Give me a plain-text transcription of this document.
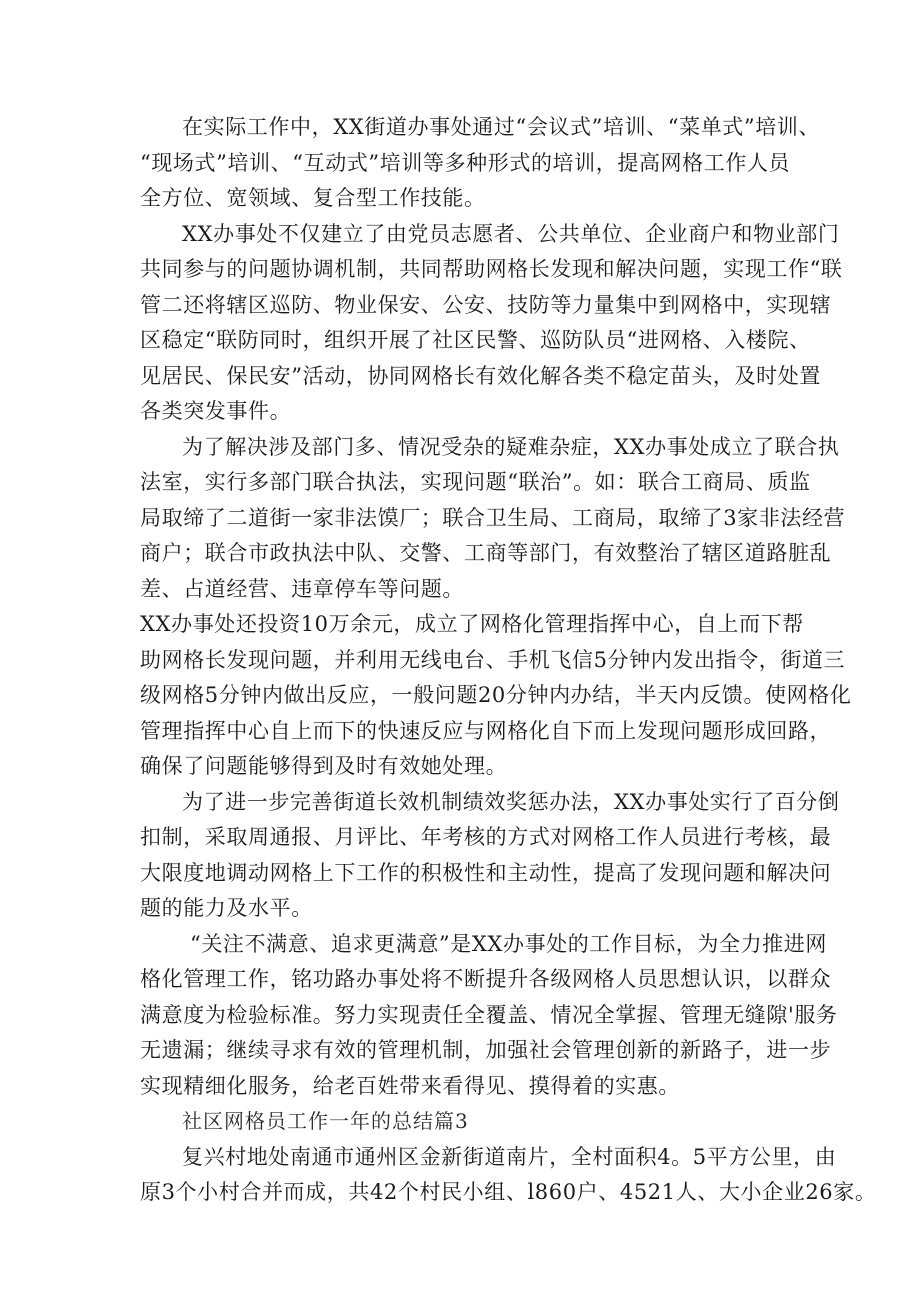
在实际工作中，XX街道办事处通过“会议式”培训、“菜单式”培训、
“现场式”培训、“互动式”培训等多种形式的培训，提高网格工作人员
全方位、宽领域、复合型工作技能。

XX办事处不仅建立了由党员志愿者、公共单位、企业商户和物业部门
共同参与的问题协调机制，共同帮助网格长发现和解决问题，实现工作“联
管二还将辖区巡防、物业保安、公安、技防等力量集中到网格中，实现辖
区稳定“联防同时，组织开展了社区民警、巡防队员“进网格、入楼院、
见居民、保民安”活动，协同网格长有效化解各类不稳定苗头，及时处置
各类突发事件。

为了解决涉及部门多、情况受杂的疑难杂症，XX办事处成立了联合执
法室，实行多部门联合执法，实现问题“联治”。如：联合工商局、质监
局取缔了二道街一家非法馍厂；联合卫生局、工商局，取缔了3家非法经营
商户；联合市政执法中队、交警、工商等部门，有效整治了辖区道路脏乱
差、占道经营、违章停车等问题。

XX办事处还投资10万余元，成立了网格化管理指挥中心，自上而下帮
助网格长发现问题，并利用无线电台、手机飞信5分钟内发出指令，街道三
级网格5分钟内做出反应，一般问题20分钟内办结，半天内反馈。使网格化
管理指挥中心自上而下的快速反应与网格化自下而上发现问题形成回路，
确保了问题能够得到及时有效她处理。

为了进一步完善街道长效机制绩效奖惩办法，XX办事处实行了百分倒
扣制，采取周通报、月评比、年考核的方式对网格工作人员进行考核，最
大限度地调动网格上下工作的积极性和主动性，提高了发现问题和解决问
题的能力及水平。

“关注不满意、追求更满意”是XX办事处的工作目标，为全力推进网
格化管理工作，铭功路办事处将不断提升各级网格人员思想认识，以群众
满意度为检验标准。努力实现责任全覆盖、情况全掌握、管理无缝隙'服务
无遗漏；继续寻求有效的管理机制，加强社会管理创新的新路子，进一步
实现精细化服务，给老百姓带来看得见、摸得着的实惠。

社区网格员工作一年的总结篇3

复兴村地处南通市通州区金新街道南片，全村面积4。5平方公里，由
原3个小村合并而成，共42个村民小组、l860户、4521人、大小企业26家。
